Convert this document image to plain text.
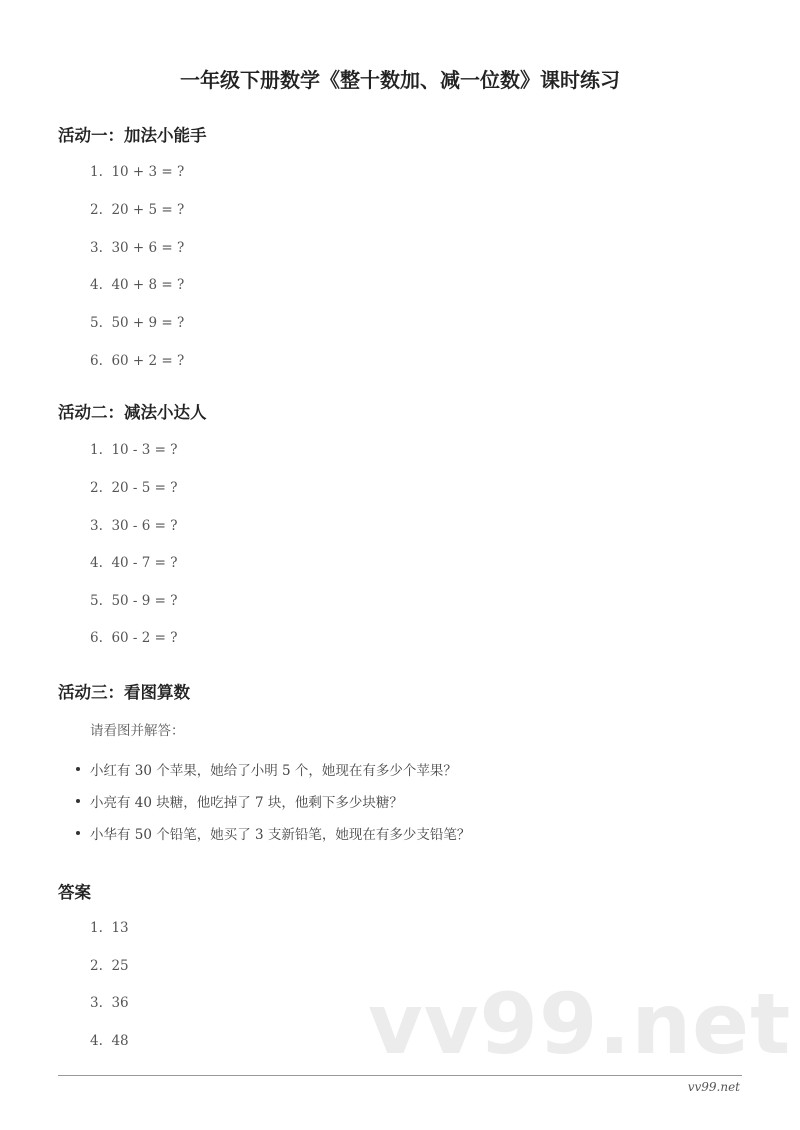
一年级下册数学《整十数加、减一位数》课时练习
活动一：加法小能手
1.  10 + 3 = ?
2.  20 + 5 = ?
3.  30 + 6 = ?
4.  40 + 8 = ?
5.  50 + 9 = ?
6.  60 + 2 = ?
活动二：减法小达人
1.  10 - 3 = ?
2.  20 - 5 = ?
3.  30 - 6 = ?
4.  40 - 7 = ?
5.  50 - 9 = ?
6.  60 - 2 = ?
活动三：看图算数
请看图并解答：
小红有 30 个苹果，她给了小明 5 个，她现在有多少个苹果？
小亮有 40 块糖，他吃掉了 7 块，他剩下多少块糖？
小华有 50 个铅笔，她买了 3 支新铅笔，她现在有多少支铅笔？
答案
1.  13
2.  25
3.  36
4.  48	vv99.net
vv99.net
